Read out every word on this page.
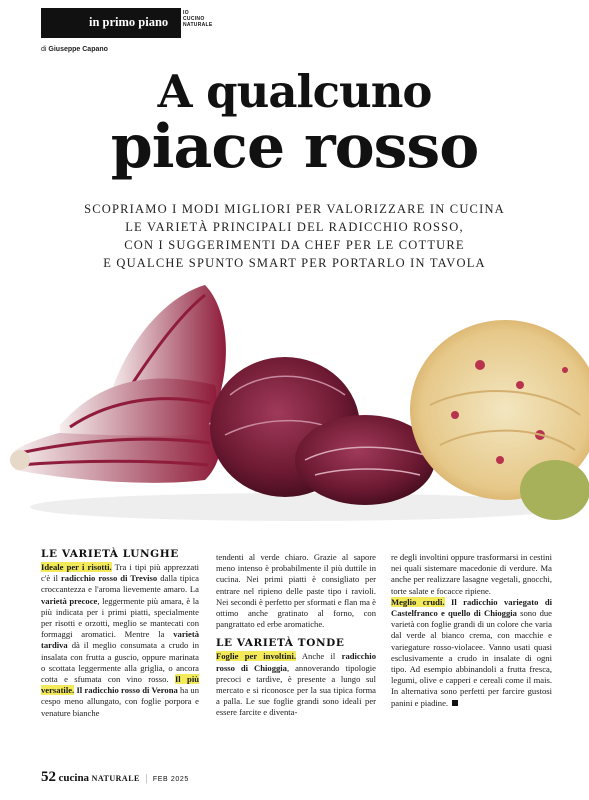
in primo piano
IO
CUCINO
NATURALE
di Giuseppe Capano
A qualcuno
piace rosso
SCOPRIAMO I MODI MIGLIORI PER VALORIZZARE IN CUCINA
LE VARIETÀ PRINCIPALI DEL RADICCHIO ROSSO,
CON I SUGGERIMENTI DA CHEF PER LE COTTURE
E QUALCHE SPUNTO SMART PER PORTARLO IN TAVOLA
LE VARIETÀ LUNGHE

Ideale per i risotti. Tra i tipi più apprezzati c'è il radicchio rosso di Treviso dalla tipica croccantezza e l'aroma lievemente amaro. La varietà precoce, leggermente più amara, è la più indicata per i primi piatti, specialmente per risotti e orzotti, meglio se mantecati con formaggi aromatici. Mentre la varietà tardiva dà il meglio consumata a crudo in insalata con frutta a guscio, oppure marinata o scottata leggermente alla griglia, o ancora cotta e sfumata con vino rosso. Il più versatile. Il radicchio rosso di Verona ha un cespo meno allungato, con foglie porpora e venature bianche

tendenti al verde chiaro. Grazie al sapore meno intenso è probabilmente il più duttile in cucina. Nei primi piatti è consigliato per entrare nel ripieno delle paste tipo i ravioli. Nei secondi è perfetto per sformati e flan ma è ottimo anche gratinato al forno, con pangrattato ed erbe aromatiche.

LE VARIETÀ TONDE

Foglie per involtini. Anche il radicchio rosso di Chioggia, annoverando tipologie precoci e tardive, è presente a lungo sul mercato e si riconosce per la sua tipica forma a palla. Le sue foglie grandi sono ideali per essere farcite e diventa-

re degli involtini oppure trasformarsi in cestini nei quali sistemare macedonie di verdure. Ma anche per realizzare lasagne vegetali, gnocchi, torte salate e focacce ripiene.

Meglio crudi. Il radicchio variegato di Castelfranco e quello di Chioggia sono due varietà con foglie grandi di un colore che varia dal verde al bianco crema, con macchie e variegature rosso-violacee. Vanno usati quasi esclusivamente a crudo in insalate di ogni tipo. Ad esempio abbinandoli a frutta fresca, legumi, olive e capperi e cereali come il mais. In alternativa sono perfetti per farcire gustosi panini e piadine.

52 cucina NATURALE | FEB 2025
